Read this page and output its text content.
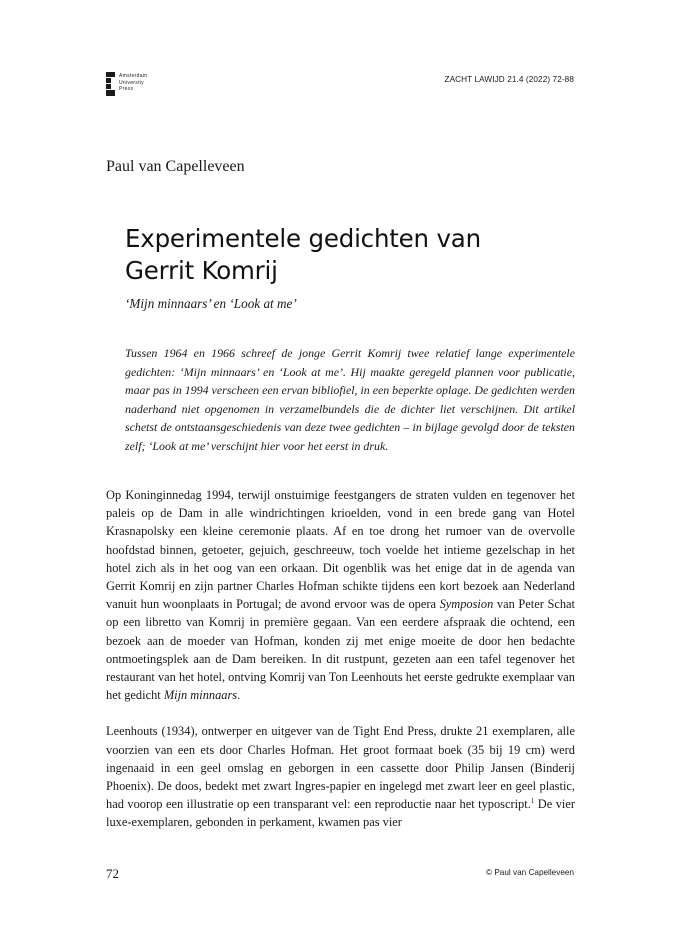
Amsterdam
University
Press
ZACHT LAWIJD 21.4 (2022) 72-88
Paul van Capelleveen
Experimentele gedichten van
Gerrit Komrij
‘Mijn minnaars’ en ‘Look at me’

Tussen 1964 en 1966 schreef de jonge Gerrit Komrij twee relatief lange experimentele gedichten: ‘Mijn minnaars’ en ‘Look at me’. Hij maakte geregeld plannen voor publicatie, maar pas in 1994 verscheen een ervan bibliofiel, in een beperkte oplage. De gedichten werden naderhand niet opgenomen in verzamelbundels die de dichter liet verschijnen. Dit artikel schetst de ontstaansgeschiedenis van deze twee gedichten – in bijlage gevolgd door de teksten zelf; ‘Look at me’ verschijnt hier voor het eerst in druk.

Op Koninginnedag 1994, terwijl onstuimige feestgangers de straten vulden en tegenover het paleis op de Dam in alle windrichtingen krioelden, vond in een brede gang van Hotel Krasnapolsky een kleine ceremonie plaats. Af en toe drong het rumoer van de overvolle hoofdstad binnen, getoeter, gejuich, geschreeuw, toch voelde het intieme gezelschap in het hotel zich als in het oog van een orkaan. Dit ogenblik was het enige dat in de agenda van Gerrit Komrij en zijn partner Charles Hofman schikte tijdens een kort bezoek aan Nederland vanuit hun woonplaats in Portugal; de avond ervoor was de opera Symposion van Peter Schat op een libretto van Komrij in première gegaan. Van een eerdere afspraak die ochtend, een bezoek aan de moeder van Hofman, konden zij met enige moeite de door hen bedachte ontmoetingsplek aan de Dam bereiken. In dit rustpunt, gezeten aan een tafel tegenover het restaurant van het hotel, ontving Komrij van Ton Leenhouts het eerste gedrukte exemplaar van het gedicht Mijn minnaars.

Leenhouts (1934), ontwerper en uitgever van de Tight End Press, drukte 21 exemplaren, alle voorzien van een ets door Charles Hofman. Het groot formaat boek (35 bij 19 cm) werd ingenaaid in een geel omslag en geborgen in een cassette door Philip Jansen (Binderij Phoenix). De doos, bedekt met zwart Ingres-papier en ingelegd met zwart leer en geel plastic, had voorop een illustratie op een transparant vel: een reproductie naar het typoscript.$^1$ De vier luxe-exemplaren, gebonden in perkament, kwamen pas vier

72	© Paul van Capelleveen
